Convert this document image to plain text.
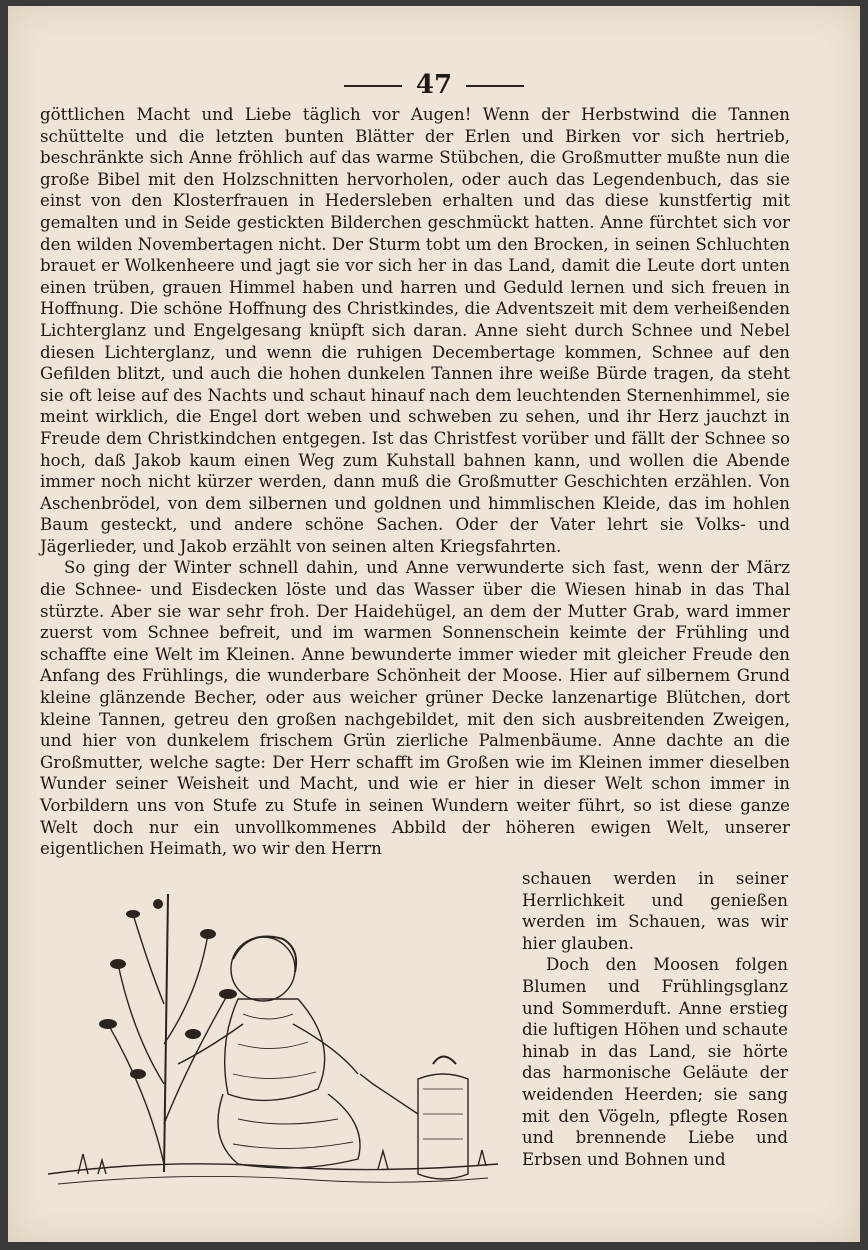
47

göttlichen Macht und Liebe täglich vor Augen! Wenn der Herbstwind die Tannen schüttelte und die letzten bunten Blätter der Erlen und Birken vor sich hertrieb, beschränkte sich Anne fröhlich auf das warme Stübchen, die Großmutter mußte nun die große Bibel mit den Holzschnitten hervorholen, oder auch das Legendenbuch, das sie einst von den Klosterfrauen in Hedersleben erhalten und das diese kunstfertig mit gemalten und in Seide gestickten Bilderchen geschmückt hatten. Anne fürchtet sich vor den wilden Novembertagen nicht. Der Sturm tobt um den Brocken, in seinen Schluchten brauet er Wolkenheere und jagt sie vor sich her in das Land, damit die Leute dort unten einen trüben, grauen Himmel haben und harren und Geduld lernen und sich freuen in Hoffnung. Die schöne Hoffnung des Christkindes, die Adventszeit mit dem verheißenden Lichterglanz und Engelgesang knüpft sich daran. Anne sieht durch Schnee und Nebel diesen Lichterglanz, und wenn die ruhigen Decembertage kommen, Schnee auf den Gefilden blitzt, und auch die hohen dunkelen Tannen ihre weiße Bürde tragen, da steht sie oft leise auf des Nachts und schaut hinauf nach dem leuchtenden Sternenhimmel, sie meint wirklich, die Engel dort weben und schweben zu sehen, und ihr Herz jauchzt in Freude dem Christkindchen entgegen. Ist das Christfest vorüber und fällt der Schnee so hoch, daß Jakob kaum einen Weg zum Kuhstall bahnen kann, und wollen die Abende immer noch nicht kürzer werden, dann muß die Großmutter Geschichten erzählen. Von Aschenbrödel, von dem silbernen und goldnen und himmlischen Kleide, das im hohlen Baum gesteckt, und andere schöne Sachen. Oder der Vater lehrt sie Volks- und Jägerlieder, und Jakob erzählt von seinen alten Kriegsfahrten.

So ging der Winter schnell dahin, und Anne verwunderte sich fast, wenn der März die Schnee- und Eisdecken löste und das Wasser über die Wiesen hinab in das Thal stürzte. Aber sie war sehr froh. Der Haidehügel, an dem der Mutter Grab, ward immer zuerst vom Schnee befreit, und im warmen Sonnenschein keimte der Frühling und schaffte eine Welt im Kleinen. Anne bewunderte immer wieder mit gleicher Freude den Anfang des Frühlings, die wunderbare Schönheit der Moose. Hier auf silbernem Grund kleine glänzende Becher, oder aus weicher grüner Decke lanzenartige Blütchen, dort kleine Tannen, getreu den großen nachgebildet, mit den sich ausbreitenden Zweigen, und hier von dunkelem frischem Grün zierliche Palmenbäume. Anne dachte an die Großmutter, welche sagte: Der Herr schafft im Großen wie im Kleinen immer dieselben Wunder seiner Weisheit und Macht, und wie er hier in dieser Welt schon immer in Vorbildern uns von Stufe zu Stufe in seinen Wundern weiter führt, so ist diese ganze Welt doch nur ein unvollkommenes Abbild der höheren ewigen Welt, unserer eigentlichen Heimath, wo wir den Herrn

schauen werden in seiner Herrlichkeit und genießen werden im Schauen, was wir hier glauben.

Doch den Moosen folgen Blumen und Frühlingsglanz und Sommerduft. Anne erstieg die luftigen Höhen und schaute hinab in das Land, sie hörte das harmonische Geläute der weidenden Heerden; sie sang mit den Vögeln, pflegte Rosen und brennende Liebe und Erbsen und Bohnen und
